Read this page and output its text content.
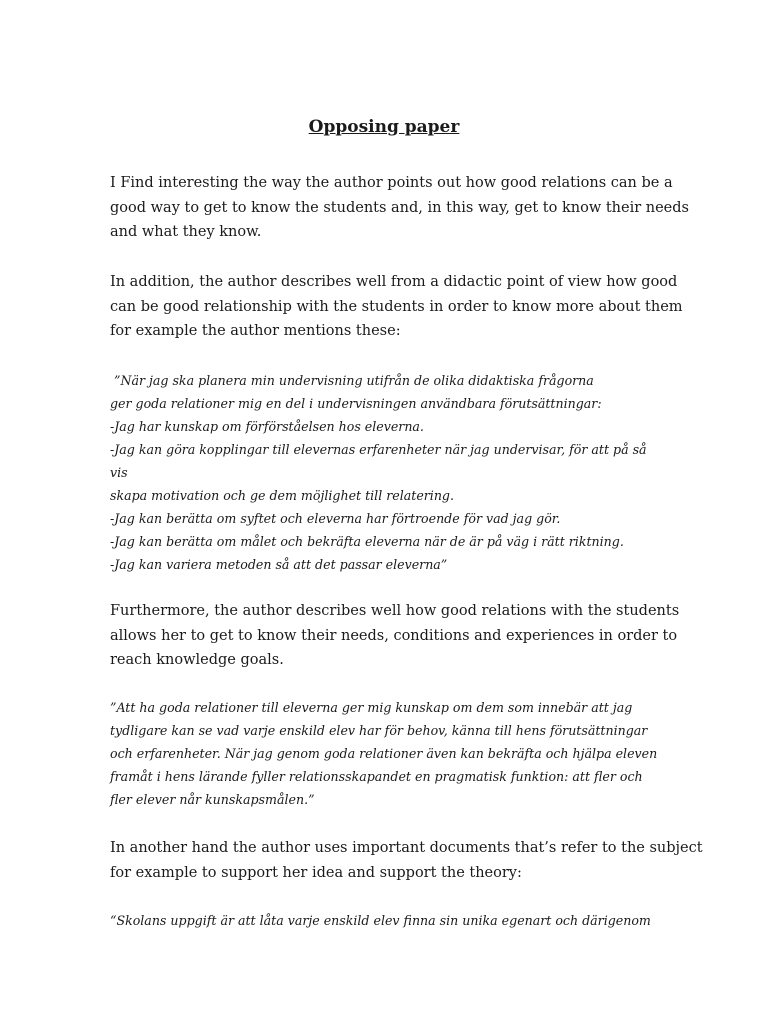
Opposing paper

I Find interesting the way the author points out how good relations can be a
good way to get to know the students and, in this way, get to know their needs
and what they know.

In addition, the author describes well from a didactic point of view how good
can be good relationship with the students in order to know more about them
for example the author mentions these:

”När jag ska planera min undervisning utifrån de olika didaktiska frågorna
ger goda relationer mig en del i undervisningen användbara förutsättningar:
-Jag har kunskap om förförståelsen hos eleverna.
-Jag kan göra kopplingar till elevernas erfarenheter när jag undervisar, för att på så
vis
skapa motivation och ge dem möjlighet till relatering.
-Jag kan berätta om syftet och eleverna har förtroende för vad jag gör.
-Jag kan berätta om målet och bekräfta eleverna när de är på väg i rätt riktning.
-Jag kan variera metoden så att det passar eleverna”

Furthermore, the author describes well how good relations with the students
allows her to get to know their needs, conditions and experiences in order to
reach knowledge goals.

”Att ha goda relationer till eleverna ger mig kunskap om dem som innebär att jag
tydligare kan se vad varje enskild elev har för behov, känna till hens förutsättningar
och erfarenheter. När jag genom goda relationer även kan bekräfta och hjälpa eleven
framåt i hens lärande fyller relationsskapandet en pragmatisk funktion: att fler och
fler elever når kunskapsmålen.”

In another hand the author uses important documents that’s refer to the subject
for example to support her idea and support the theory:

“Skolans uppgift är att låta varje enskild elev finna sin unika egenart och därigenom
